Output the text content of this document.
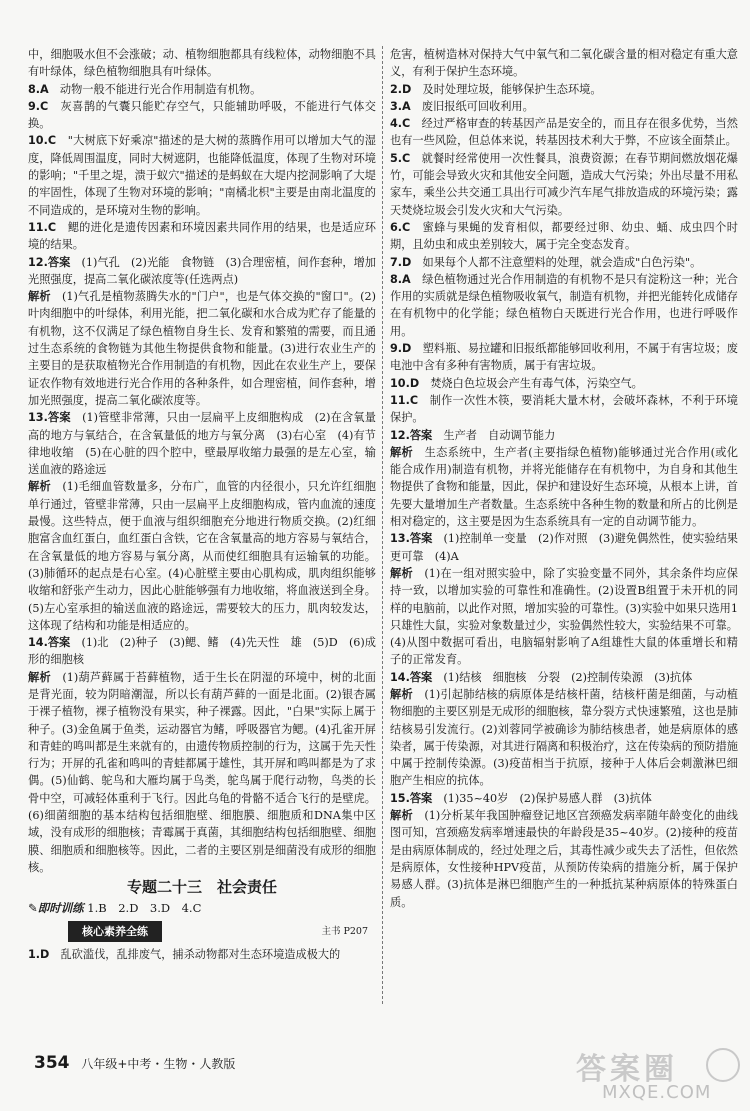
中，细胞吸水但不会涨破；动、植物细胞都具有线粒体，动物细胞不具有叶绿体，绿色植物细胞具有叶绿体。

8.A　动物一般不能进行光合作用制造有机物。

9.C　灰喜鹊的气囊只能贮存空气，只能辅助呼吸，不能进行气体交换。

10.C　"大树底下好乘凉"描述的是大树的蒸腾作用可以增加大气的湿度，降低周围温度，同时大树遮阴，也能降低温度，体现了生物对环境的影响；"千里之堤，溃于蚁穴"描述的是蚂蚁在大堤内挖洞影响了大堤的牢固性，体现了生物对环境的影响；"南橘北枳"主要是由南北温度的不同造成的，是环境对生物的影响。

11.C　鳃的进化是遗传因素和环境因素共同作用的结果，也是适应环境的结果。

12.答案　(1)气孔　(2)光能　食物链　(3)合理密植，间作套种，增加光照强度，提高二氧化碳浓度等(任选两点)

解析　(1)气孔是植物蒸腾失水的"门户"，也是气体交换的"窗口"。(2)叶肉细胞中的叶绿体，利用光能，把二氧化碳和水合成为贮存了能量的有机物，这不仅满足了绿色植物自身生长、发育和繁殖的需要，而且通过生态系统的食物链为其他生物提供食物和能量。(3)进行农业生产的主要目的是获取植物光合作用制造的有机物，因此在农业生产上，要保证农作物有效地进行光合作用的各种条件，如合理密植，间作套种，增加光照强度，提高二氧化碳浓度等。

13.答案　(1)管壁非常薄，只由一层扁平上皮细胞构成　(2)在含氧量高的地方与氧结合，在含氧量低的地方与氧分离　(3)右心室　(4)有节律地收缩　(5)在心脏的四个腔中，壁最厚收缩力最强的是左心室，输送血液的路途远

解析　(1)毛细血管数量多，分布广，血管的内径很小，只允许红细胞单行通过，管壁非常薄，只由一层扁平上皮细胞构成，管内血流的速度最慢。这些特点，便于血液与组织细胞充分地进行物质交换。(2)红细胞富含血红蛋白，血红蛋白含铁，它在含氧量高的地方容易与氧结合，在含氧量低的地方容易与氧分离，从而使红细胞具有运输氧的功能。(3)肺循环的起点是右心室。(4)心脏壁主要由心肌构成，肌肉组织能够收缩和舒张产生动力，因此心脏能够强有力地收缩，将血液送到全身。(5)左心室承担的输送血液的路途远，需要较大的压力，肌肉较发达，这体现了结构和功能是相适应的。

14.答案　(1)北　(2)种子　(3)鳃、鳍　(4)先天性　雄　(5)D　(6)成形的细胞核

解析　(1)葫芦藓属于苔藓植物，适于生长在阴湿的环境中，树的北面是背光面，较为阴暗潮湿，所以长有葫芦藓的一面是北面。(2)银杏属于裸子植物，裸子植物没有果实，种子裸露。因此，"白果"实际上属于种子。(3)金鱼属于鱼类，运动器官为鳍，呼吸器官为鳃。(4)孔雀开屏和青蛙的鸣叫都是生来就有的，由遗传物质控制的行为，这属于先天性行为；开屏的孔雀和鸣叫的青蛙都属于雄性，其开屏和鸣叫都是为了求偶。(5)仙鹤、鸵鸟和大雁均属于鸟类，鸵鸟属于爬行动物，鸟类的长骨中空，可减轻体重利于飞行。因此乌龟的骨骼不适合飞行的是壁虎。(6)细菌细胞的基本结构包括细胞壁、细胞膜、细胞质和DNA集中区域，没有成形的细胞核；青霉属于真菌，其细胞结构包括细胞壁、细胞膜、细胞质和细胞核等。因此，二者的主要区别是细菌没有成形的细胞核。

专题二十三　社会责任
✎即时训练 1.B　2.D　3.D　4.C
核心素养全练	主书 P207

1.D　乱砍滥伐，乱排废气，捕杀动物都对生态环境造成极大的

危害，植树造林对保持大气中氧气和二氧化碳含量的相对稳定有重大意义，有利于保护生态环境。

2.D　及时处理垃圾，能够保护生态环境。

3.A　废旧报纸可回收利用。

4.C　经过严格审查的转基因产品是安全的，而且存在很多优势，当然也有一些风险，但总体来说，转基因技术利大于弊，不应该全面禁止。

5.C　就餐时经常使用一次性餐具，浪费资源；在春节期间燃放烟花爆竹，可能会导致火灾和其他安全问题，造成大气污染；外出尽量不用私家车，乘坐公共交通工具出行可减少汽车尾气排放造成的环境污染；露天焚烧垃圾会引发火灾和大气污染。

6.C　蜜蜂与果蝇的发育相似，都要经过卵、幼虫、蛹、成虫四个时期，且幼虫和成虫差别较大，属于完全变态发育。

7.D　如果每个人都不注意塑料的处理，就会造成"白色污染"。

8.A　绿色植物通过光合作用制造的有机物不是只有淀粉这一种；光合作用的实质就是绿色植物吸收氧气，制造有机物，并把光能转化成储存在有机物中的化学能；绿色植物白天既进行光合作用，也进行呼吸作用。

9.D　塑料瓶、易拉罐和旧报纸都能够回收利用，不属于有害垃圾；废电池中含有多种有害物质，属于有害垃圾。

10.D　焚烧白色垃圾会产生有毒气体，污染空气。

11.C　制作一次性木筷，要消耗大量木材，会破坏森林，不利于环境保护。

12.答案　生产者　自动调节能力

解析　生态系统中，生产者(主要指绿色植物)能够通过光合作用(或化能合成作用)制造有机物，并将光能储存在有机物中，为自身和其他生物提供了食物和能量，因此，保护和建设好生态环境，从根本上讲，首先要大量增加生产者数量。生态系统中各种生物的数量和所占的比例是相对稳定的，这主要是因为生态系统具有一定的自动调节能力。

13.答案　(1)控制单一变量　(2)作对照　(3)避免偶然性，使实验结果更可靠　(4)A

解析　(1)在一组对照实验中，除了实验变量不同外，其余条件均应保持一致，以增加实验的可靠性和准确性。(2)设置B组置于未开机的同样的电脑前，以此作对照，增加实验的可靠性。(3)实验中如果只选用1只雄性大鼠，实验对象数量过少，实验偶然性较大，实验结果不可靠。(4)从图中数据可看出，电脑辐射影响了A组雄性大鼠的体重增长和精子的正常发育。

14.答案　(1)结核　细胞核　分裂　(2)控制传染源　(3)抗体

解析　(1)引起肺结核的病原体是结核杆菌，结核杆菌是细菌，与动植物细胞的主要区别是无成形的细胞核，靠分裂方式快速繁殖，这也是肺结核易引发流行。(2)刘蓉同学被确诊为肺结核患者，她是病原体的感染者，属于传染源，对其进行隔离和积极治疗，这在传染病的预防措施中属于控制传染源。(3)疫苗相当于抗原，接种于人体后会刺激淋巴细胞产生相应的抗体。

15.答案　(1)35~40岁　(2)保护易感人群　(3)抗体

解析　(1)分析某年我国肿瘤登记地区宫颈癌发病率随年龄变化的曲线图可知，宫颈癌发病率增速最快的年龄段是35~40岁。(2)接种的疫苗是由病原体制成的，经过处理之后，其毒性减少或失去了活性，但依然是病原体，女性接种HPV疫苗，从预防传染病的措施分析，属于保护易感人群。(3)抗体是淋巴细胞产生的一种抵抗某种病原体的特殊蛋白质。

354 八年级+中考・生物・人教版	答案圈
MXQE.COM
